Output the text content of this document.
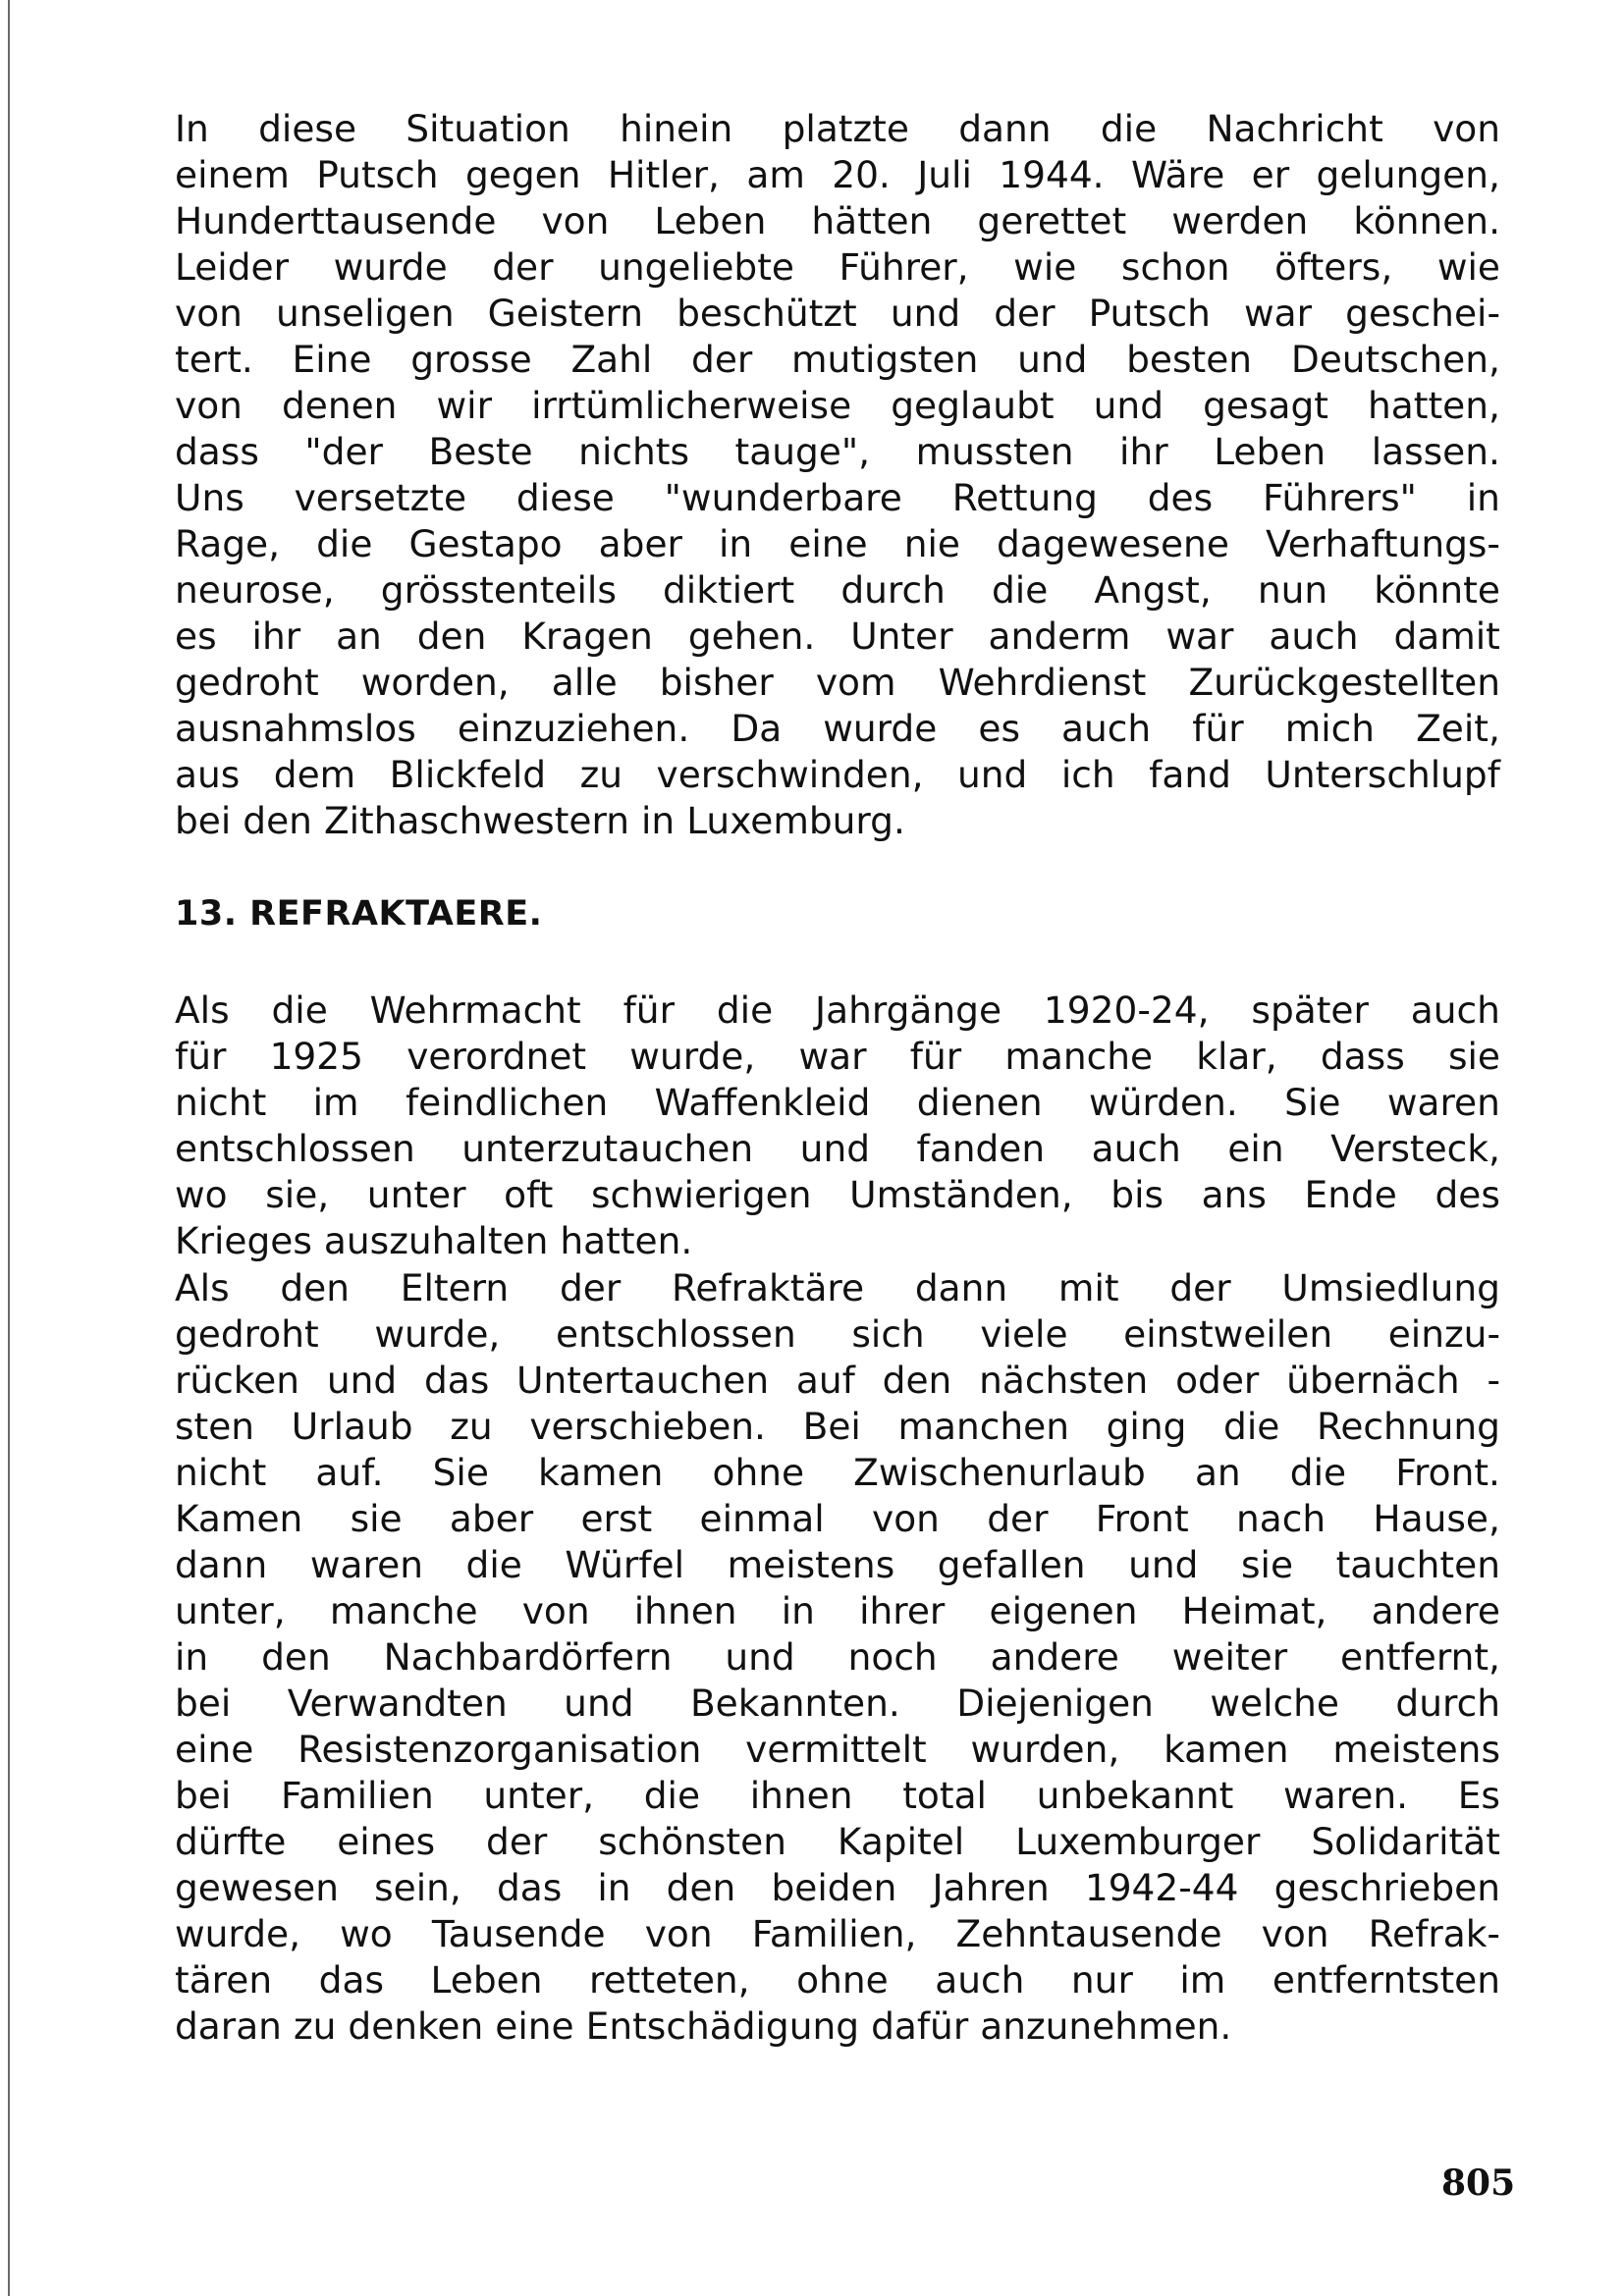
In diese Situation hinein platzte dann die Nachricht von
einem Putsch gegen Hitler, am 20. Juli 1944. Wäre er gelungen,
Hunderttausende von Leben hätten gerettet werden können.
Leider wurde der ungeliebte Führer, wie schon öfters, wie
von unseligen Geistern beschützt und der Putsch war geschei-
tert. Eine grosse Zahl der mutigsten und besten Deutschen,
von denen wir irrtümlicherweise geglaubt und gesagt hatten,
dass "der Beste nichts tauge", mussten ihr Leben lassen.
Uns versetzte diese "wunderbare Rettung des Führers" in
Rage, die Gestapo aber in eine nie dagewesene Verhaftungs-
neurose, grösstenteils diktiert durch die Angst, nun könnte
es ihr an den Kragen gehen. Unter anderm war auch damit
gedroht worden, alle bisher vom Wehrdienst Zurückgestellten
ausnahmslos einzuziehen. Da wurde es auch für mich Zeit,
aus dem Blickfeld zu verschwinden, und ich fand Unterschlupf
bei den Zithaschwestern in Luxemburg.
13. REFRAKTAERE.
Als die Wehrmacht für die Jahrgänge 1920-24, später auch
für 1925 verordnet wurde, war für manche klar, dass sie
nicht im feindlichen Waffenkleid dienen würden. Sie waren
entschlossen unterzutauchen und fanden auch ein Versteck,
wo sie, unter oft schwierigen Umständen, bis ans Ende des
Krieges auszuhalten hatten.
Als den Eltern der Refraktäre dann mit der Umsiedlung
gedroht wurde, entschlossen sich viele einstweilen einzu-
rücken und das Untertauchen auf den nächsten oder übernäch -
sten Urlaub zu verschieben. Bei manchen ging die Rechnung
nicht auf. Sie kamen ohne Zwischenurlaub an die Front.
Kamen sie aber erst einmal von der Front nach Hause,
dann waren die Würfel meistens gefallen und sie tauchten
unter, manche von ihnen in ihrer eigenen Heimat, andere
in den Nachbardörfern und noch andere weiter entfernt,
bei Verwandten und Bekannten. Diejenigen welche durch
eine Resistenzorganisation vermittelt wurden, kamen meistens
bei Familien unter, die ihnen total unbekannt waren. Es
dürfte eines der schönsten Kapitel Luxemburger Solidarität
gewesen sein, das in den beiden Jahren 1942-44 geschrieben
wurde, wo Tausende von Familien, Zehntausende von Refrak-
tären das Leben retteten, ohne auch nur im entferntsten
daran zu denken eine Entschädigung dafür anzunehmen.
805
